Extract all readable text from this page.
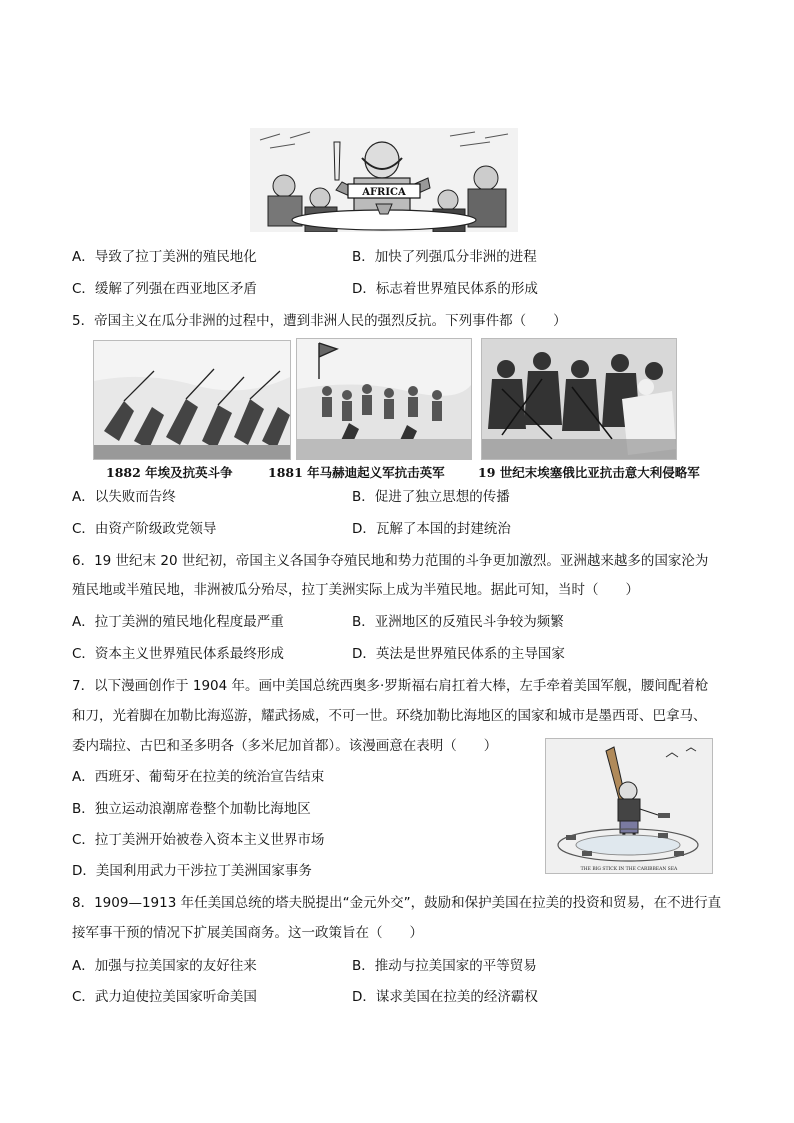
AFRICA
A．导致了拉丁美洲的殖民地化	B．加快了列强瓜分非洲的进程
C．缓解了列强在西亚地区矛盾	D．标志着世界殖民体系的形成
5．帝国主义在瓜分非洲的过程中，遭到非洲人民的强烈反抗。下列事件都（　　）
1882 年埃及抗英斗争	1881 年马赫迪起义军抗击英军	19 世纪末埃塞俄比亚抗击意大利侵略军
A．以失败而告终	B．促进了独立思想的传播
C．由资产阶级政党领导	D．瓦解了本国的封建统治
6．19 世纪末 20 世纪初，帝国主义各国争夺殖民地和势力范围的斗争更加激烈。亚洲越来越多的国家沦为
殖民地或半殖民地，非洲被瓜分殆尽，拉丁美洲实际上成为半殖民地。据此可知，当时（　　）
A．拉丁美洲的殖民地化程度最严重	B．亚洲地区的反殖民斗争较为频繁
C．资本主义世界殖民体系最终形成	D．英法是世界殖民体系的主导国家
7．以下漫画创作于 1904 年。画中美国总统西奥多·罗斯福右肩扛着大棒，左手牵着美国军舰，腰间配着枪
和刀，光着脚在加勒比海巡游，耀武扬威，不可一世。环绕加勒比海地区的国家和城市是墨西哥、巴拿马、
委内瑞拉、古巴和圣多明各（多米尼加首都）。该漫画意在表明（　　）
THE BIG STICK IN THE CARIBBEAN SEA
A．西班牙、葡萄牙在拉美的统治宣告结束
B．独立运动浪潮席卷整个加勒比海地区
C．拉丁美洲开始被卷入资本主义世界市场
D．美国利用武力干涉拉丁美洲国家事务
8．1909—1913 年任美国总统的塔夫脱提出“金元外交”，鼓励和保护美国在拉美的投资和贸易，在不进行直
接军事干预的情况下扩展美国商务。这一政策旨在（　　）
A．加强与拉美国家的友好往来	B．推动与拉美国家的平等贸易
C．武力迫使拉美国家听命美国	D．谋求美国在拉美的经济霸权
